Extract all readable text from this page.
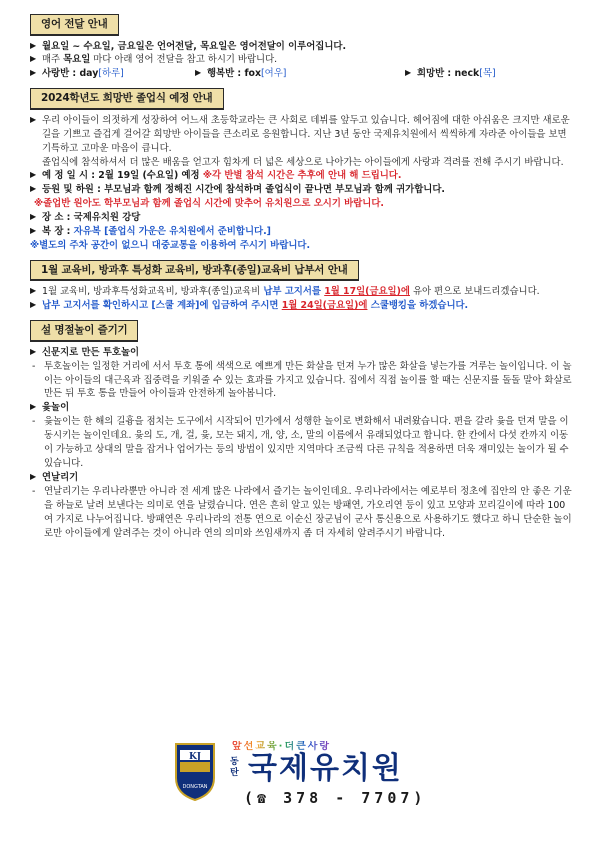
영어 전달 안내
▶ 월요일 ~ 수요일, 금요일은 언어전달, 목요일은 영어전달이 이루어집니다.
▶ 매주 목요일 마다 아래 영어 전달을 참고 하시기 바랍니다.
▶ 사랑반 : day [하루]	▶ 행복반 : fox [여우]	▶ 희망반 : neck [목]
2024학년도 희망반 졸업식 예정 안내
▶ 우리 아이들이 의젓하게 성장하여 어느새 초등학교라는 큰 사회로 데뷔를 앞두고 있습니다. 헤어짐에 대한 아쉬움은 크지만 새로운 길을 기쁘고 즐겁게 걸어갈 희망반 아이들을 큰소리로 응원합니다. 지난 3년 동안 국제유치원에서 씩씩하게 자라준 아이들을 보면 기특하고 고마운 마음이 큽니다.
졸업식에 참석하셔서 더 많은 배움을 얻고자 힘차게 더 넓은 세상으로 나아가는 아이들에게 사랑과 격려를 전해 주시기 바랍니다.
▶ 예 정 일 시 : 2월 19일 (수요일) 예정 ※각 반별 참석 시간은 추후에 안내 해 드립니다.
▶ 등원 및 하원 : 부모님과 함께 정해진 시간에 참석하며 졸업식이 끝나면 부모님과 함께 귀가합니다.
※졸업반 원아도 학부모님과 함께 졸업식 시간에 맞추어 유치원으로 오시기 바랍니다.
▶ 장 소 : 국제유치원 강당
▶ 복 장 : 자유복 [졸업식 가운은 유치원에서 준비합니다.]
※별도의 주차 공간이 없으니 대중교통을 이용하여 주시기 바랍니다.
1월 교육비, 방과후 특성화 교육비, 방과후(종일)교육비 납부서 안내
▶ 1월 교육비, 방과후특성화교육비, 방과후(종일)교육비 납부 고지서를 1월 17일(금요일)에 유아 편으로 보내드리겠습니다.
▶ 납부 고지서를 확인하시고 [스쿨 계좌]에 입금하여 주시면 1월 24일(금요일)에 스쿨뱅킹을 하겠습니다.
설 명절놀이 즐기기
▶ 신문지로 만든 투호놀이
- 투호놀이는 일정한 거리에 서서 투호 통에 색색으로 예쁘게 만든 화살을 던져 누가 많은 화살을 넣는가를 겨루는 놀이입니다. 이 놀이는 아이들의 대근육과 집중력을 키워줄 수 있는 효과를 가지고 있습니다. 집에서 직접 놀이를 할 때는 신문지를 돌돌 말아 화살로 만든 뒤 투호 통을 만들어 아이들과 안전하게 놀아봅니다.
▶ 윷놀이
- 윷놀이는 한 해의 길흉을 점치는 도구에서 시작되어 민가에서 성행한 놀이로 변화해서 내려왔습니다. 편을 갈라 윷을 던져 말을 이동시키는 놀이인데요. 윷의 도, 개, 걸, 윷, 모는 돼지, 개, 양, 소, 말의 이름에서 유래되었다고 합니다. 한 칸에서 다섯 칸까지 이동이 가능하고 상대의 말을 잡거나 업어가는 등의 방법이 있지만 지역마다 조금씩 다른 규칙을 적용하면 더욱 재미있는 놀이가 될 수 있습니다.
▶ 연날리기
- 연날리기는 우리나라뿐만 아니라 전 세계 많은 나라에서 즐기는 놀이인데요. 우리나라에서는 예로부터 정초에 집안의 안 좋은 기운을 하늘로 날려 보낸다는 의미로 연을 날렸습니다. 연은 흔히 알고 있는 방패연, 가오리연 등이 있고 모양과 꼬리길이에 따라 100여 가지로 나누어집니다. 방패연은 우리나라의 전통 연으로 이순신 장군님이 군사 통신용으로 사용하기도 했다고 하니 단순한 놀이로만 아이들에게 알려주는 것이 아니라 연의 의미와 쓰임새까지 좀 더 자세히 알려주시기 바랍니다.
KJ
DONGTAN
앞선교육·더큰사랑
동탄 국제유치원
(☎ 378 - 7707)
